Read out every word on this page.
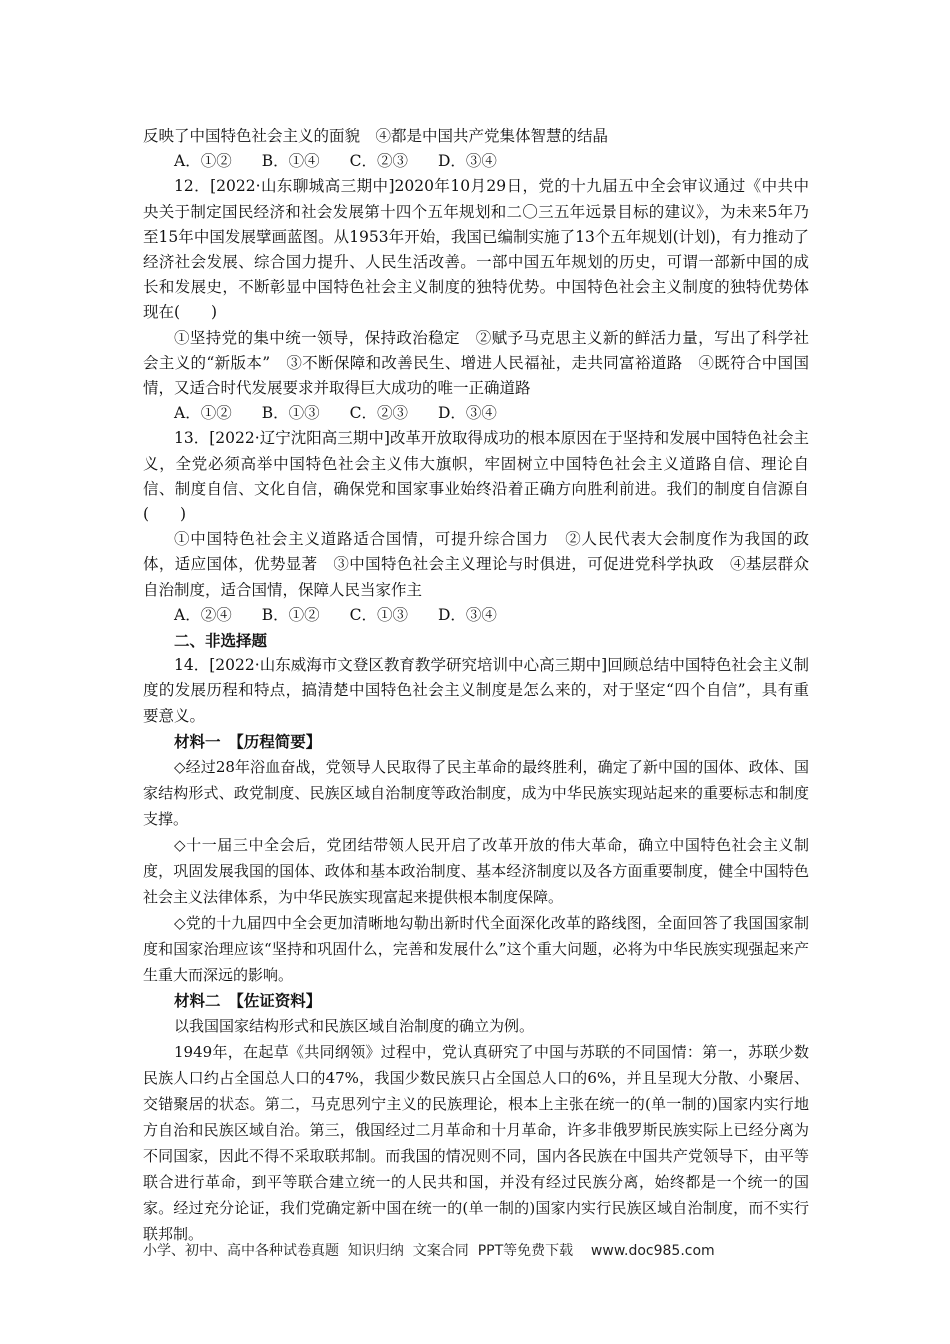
反映了中国特色社会主义的面貌　④都是中国共产党集体智慧的结晶

A．①② B．①④ C．②③ D．③④

12．[2022·山东聊城高三期中]2020年10月29日，党的十九届五中全会审议通过《中共中央关于制定国民经济和社会发展第十四个五年规划和二〇三五年远景目标的建议》，为未来5年乃至15年中国发展擘画蓝图。从1953年开始，我国已编制实施了13个五年规划(计划)，有力推动了经济社会发展、综合国力提升、人民生活改善。一部中国五年规划的历史，可谓一部新中国的成长和发展史，不断彰显中国特色社会主义制度的独特优势。中国特色社会主义制度的独特优势体现在(　　)

①坚持党的集中统一领导，保持政治稳定　②赋予马克思主义新的鲜活力量，写出了科学社会主义的“新版本”　③不断保障和改善民生、增进人民福祉，走共同富裕道路　④既符合中国国情，又适合时代发展要求并取得巨大成功的唯一正确道路

A．①② B．①③ C．②③ D．③④

13．[2022·辽宁沈阳高三期中]改革开放取得成功的根本原因在于坚持和发展中国特色社会主义，全党必须高举中国特色社会主义伟大旗帜，牢固树立中国特色社会主义道路自信、理论自信、制度自信、文化自信，确保党和国家事业始终沿着正确方向胜利前进。我们的制度自信源自(　　)

①中国特色社会主义道路适合国情，可提升综合国力　②人民代表大会制度作为我国的政体，适应国体，优势显著　③中国特色社会主义理论与时俱进，可促进党科学执政　④基层群众自治制度，适合国情，保障人民当家作主

A．②④ B．①② C．①③ D．③④

二、非选择题

14．[2022·山东威海市文登区教育教学研究培训中心高三期中]回顾总结中国特色社会主义制度的发展历程和特点，搞清楚中国特色社会主义制度是怎么来的，对于坚定“四个自信”，具有重要意义。

材料一　【历程简要】

◇经过28年浴血奋战，党领导人民取得了民主革命的最终胜利，确定了新中国的国体、政体、国家结构形式、政党制度、民族区域自治制度等政治制度，成为中华民族实现站起来的重要标志和制度支撑。

◇十一届三中全会后，党团结带领人民开启了改革开放的伟大革命，确立中国特色社会主义制度，巩固发展我国的国体、政体和基本政治制度、基本经济制度以及各方面重要制度，健全中国特色社会主义法律体系，为中华民族实现富起来提供根本制度保障。

◇党的十九届四中全会更加清晰地勾勒出新时代全面深化改革的路线图，全面回答了我国国家制度和国家治理应该“坚持和巩固什么，完善和发展什么”这个重大问题，必将为中华民族实现强起来产生重大而深远的影响。

材料二　【佐证资料】

以我国国家结构形式和民族区域自治制度的确立为例。

1949年，在起草《共同纲领》过程中，党认真研究了中国与苏联的不同国情：第一，苏联少数民族人口约占全国总人口的47%，我国少数民族只占全国总人口的6%，并且呈现大分散、小聚居、交错聚居的状态。第二，马克思列宁主义的民族理论，根本上主张在统一的(单一制的)国家内实行地方自治和民族区域自治。第三，俄国经过二月革命和十月革命，许多非俄罗斯民族实际上已经分离为不同国家，因此不得不采取联邦制。而我国的情况则不同，国内各民族在中国共产党领导下，由平等联合进行革命，到平等联合建立统一的人民共和国，并没有经过民族分离，始终都是一个统一的国家。经过充分论证，我们党确定新中国在统一的(单一制的)国家内实行民族区域自治制度，而不实行联邦制。

小学、初中、高中各种试卷真题  知识归纳  文案合同  PPT等免费下载    www.doc985.com
